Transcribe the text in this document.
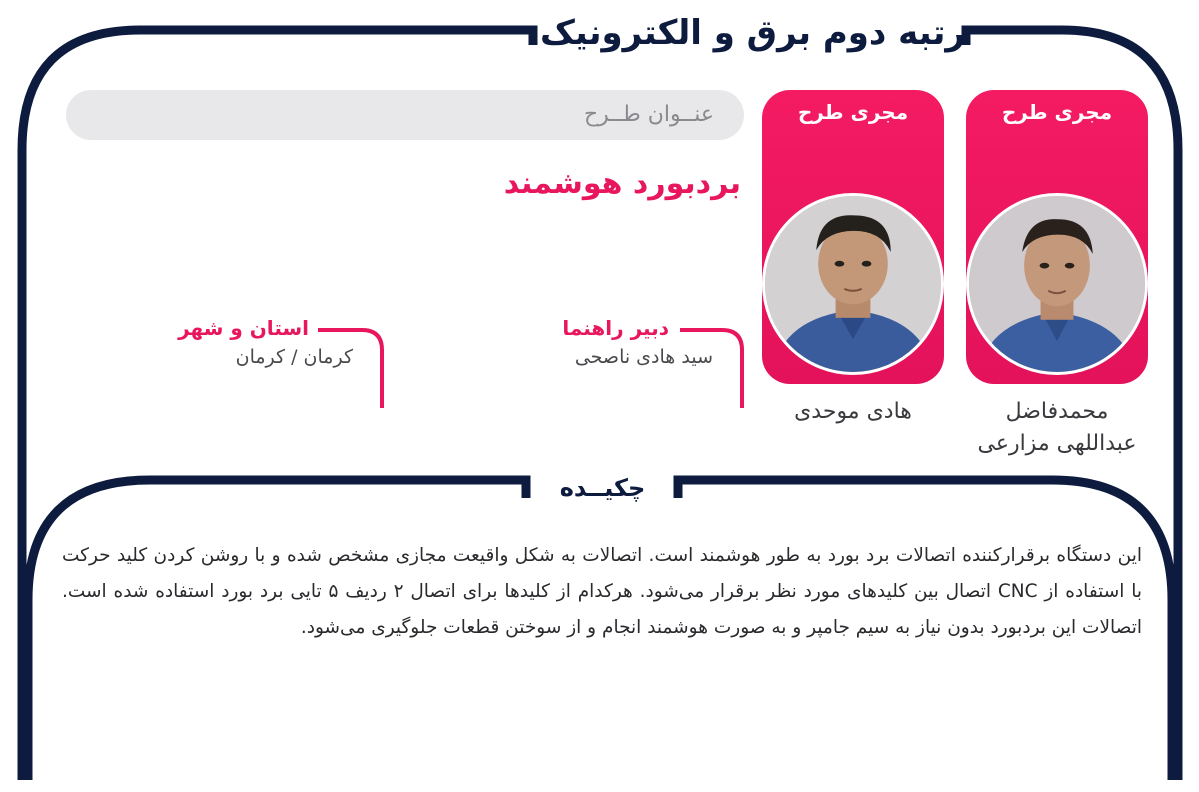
رتبه دوم برق و الکترونیک
عنــوان طــرح
بردبورد هوشمند
مجری طرح
مجری طرح
محمدفاضل
عبداللهی مزارعی
هادی موحدی
دبیر راهنما
سید هادی ناصحی
استان و شهر
کرمان / کرمان
چکیــده
این دستگاه برقرارکننده اتصالات برد بورد به طور هوشمند است. اتصالات به شکل واقیعت مجازی مشخص شده و با روشن کردن کلید حرکت با استفاده از CNC اتصال بین کلیدهای مورد نظر برقرار می‌شود. هرکدام از کلیدها برای اتصال ۲ ردیف ۵ تایی برد بورد استفاده شده است. اتصالات این بردبورد بدون نیاز به سیم جامپر و به صورت هوشمند انجام و از سوختن قطعات جلوگیری می‌شود.
